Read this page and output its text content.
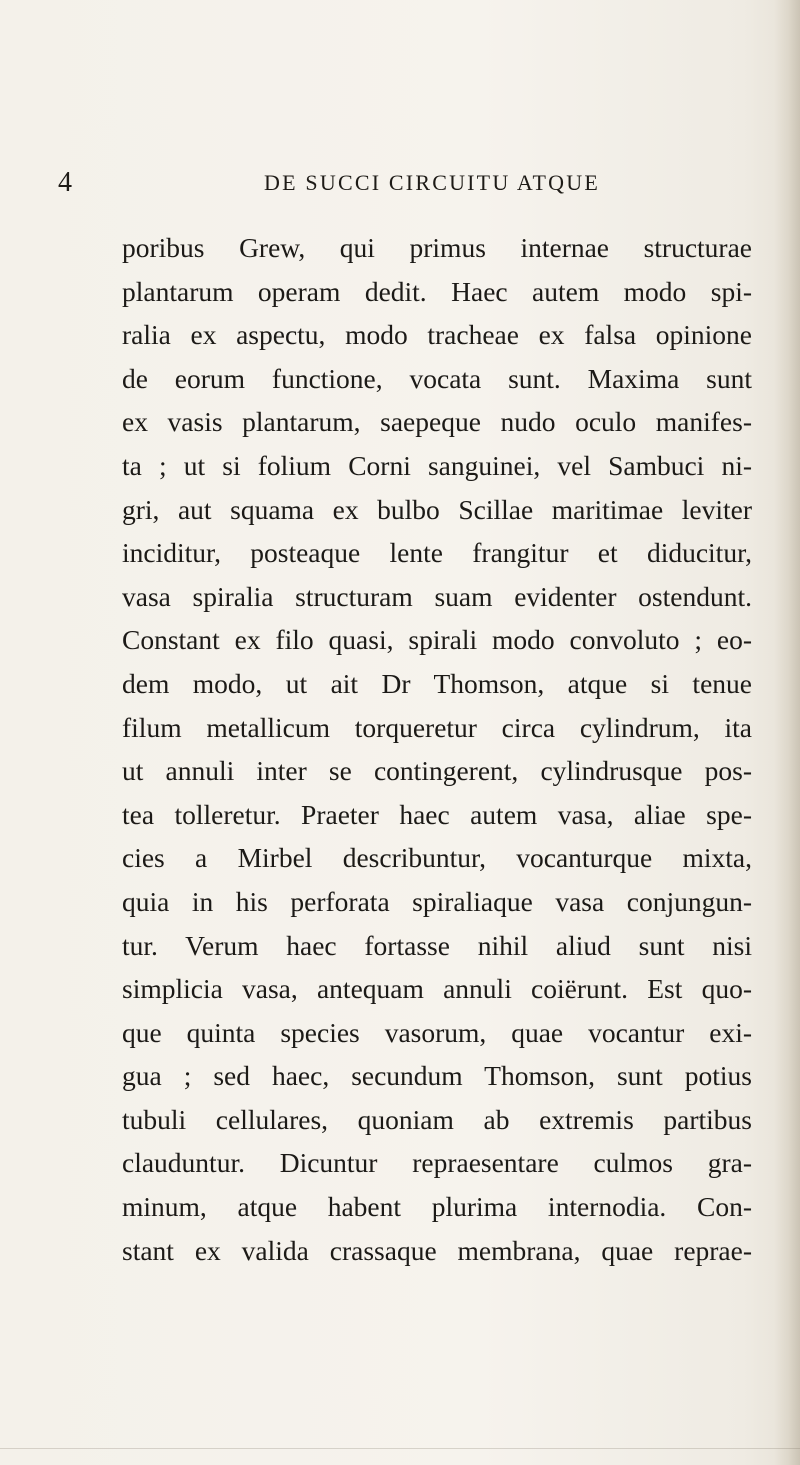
4	DE SUCCI CIRCUITU ATQUE
poribus Grew, qui primus internae structurae
plantarum operam dedit. Haec autem modo spi-
ralia ex aspectu, modo tracheae ex falsa opinione
de eorum functione, vocata sunt. Maxima sunt
ex vasis plantarum, saepeque nudo oculo manifes-
ta ; ut si folium Corni sanguinei, vel Sambuci ni-
gri, aut squama ex bulbo Scillae maritimae leviter
inciditur, posteaque lente frangitur et diducitur,
vasa spiralia structuram suam evidenter ostendunt.
Constant ex filo quasi, spirali modo convoluto ; eo-
dem modo, ut ait Dr Thomson, atque si tenue
filum metallicum torqueretur circa cylindrum, ita
ut annuli inter se contingerent, cylindrusque pos-
tea tolleretur. Praeter haec autem vasa, aliae spe-
cies a Mirbel describuntur, vocanturque mixta,
quia in his perforata spiraliaque vasa conjungun-
tur. Verum haec fortasse nihil aliud sunt nisi
simplicia vasa, antequam annuli coiërunt. Est quo-
que quinta species vasorum, quae vocantur exi-
gua ; sed haec, secundum Thomson, sunt potius
tubuli cellulares, quoniam ab extremis partibus
clauduntur. Dicuntur repraesentare culmos gra-
minum, atque habent plurima internodia. Con-
stant ex valida crassaque membrana, quae reprae-
